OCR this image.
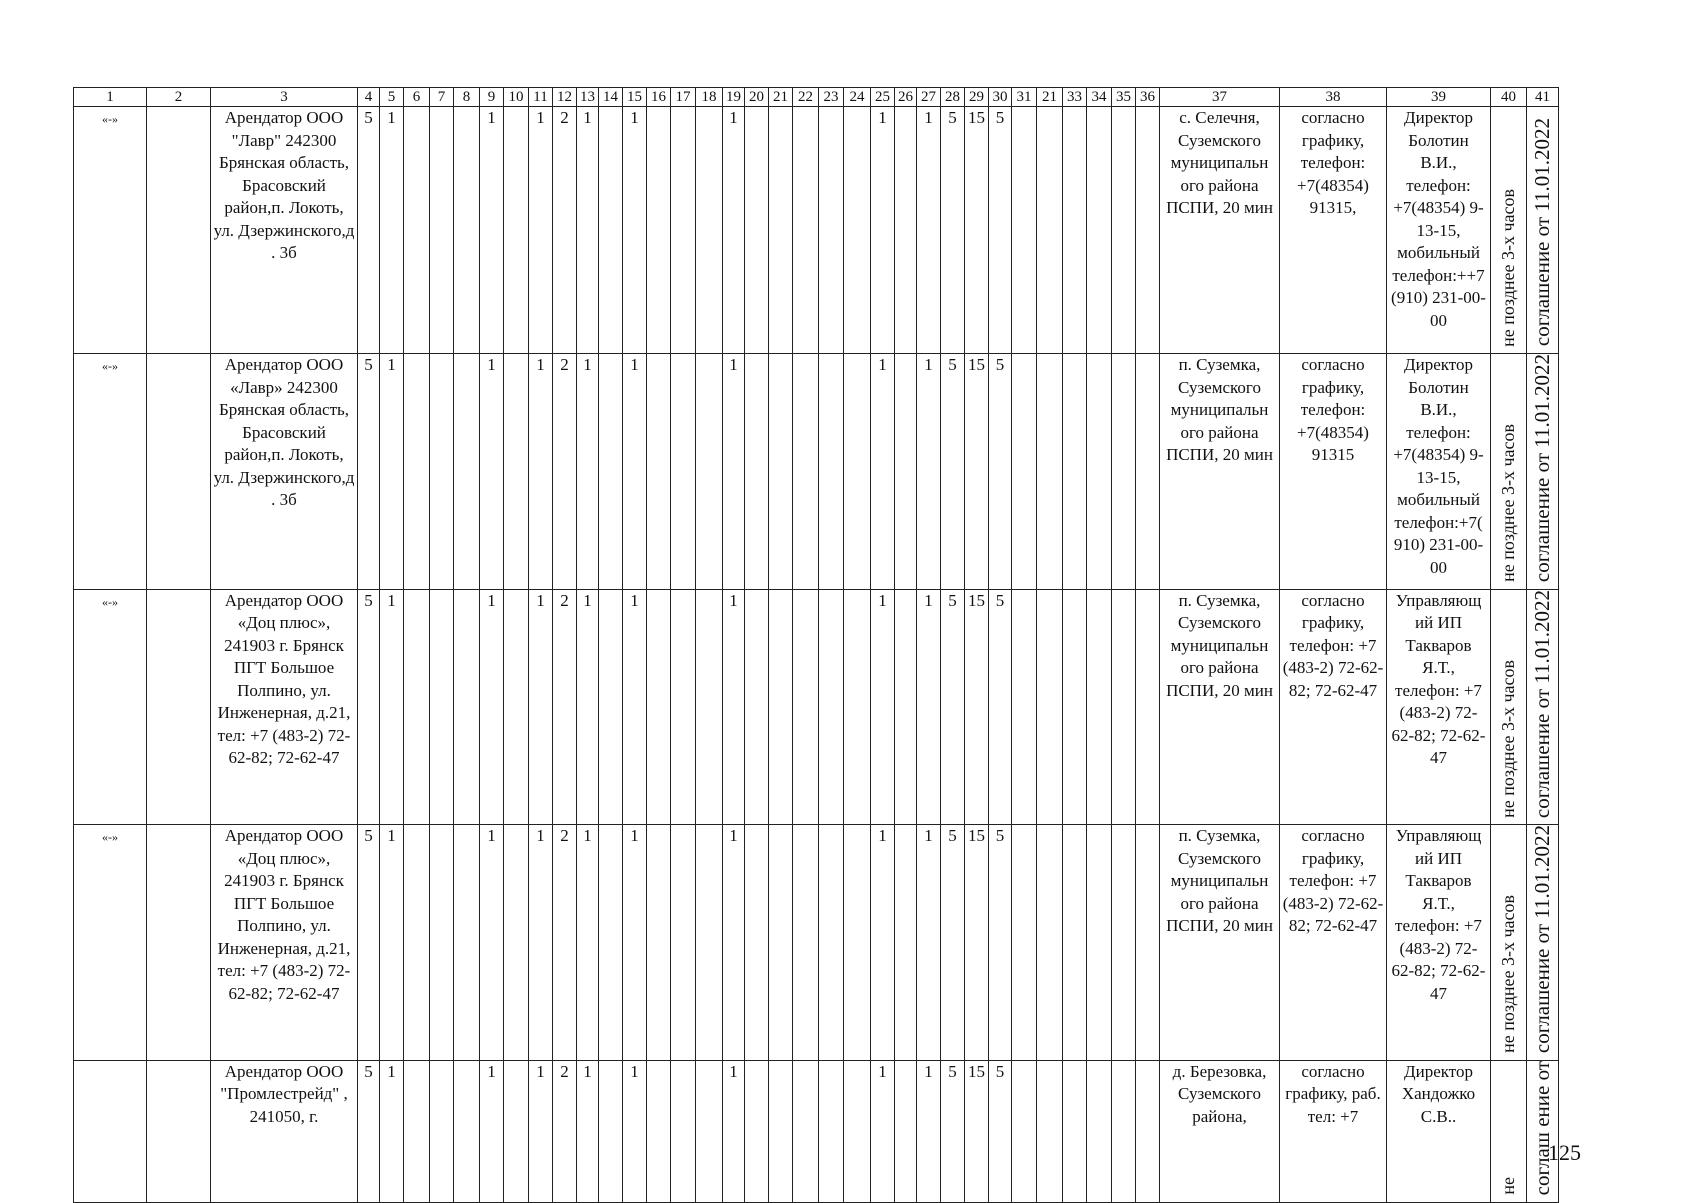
1	2	3	4	5	6	7	8	9	10	11	12	13	14	15	16	17	18	19	20	21	22	23	24	25	26	27	28	29	30	31	21	33	34	35	36	37	38	39	40	41
«-»		Арендатор ООО "Лавр" 242300 Брянская область, Брасовский район,п. Локоть, ул. Дзержинского,д . 3б	5	1				1		1	2	1		1				1						1		1	5	15	5							с. Селечня, Суземского муниципальн ого района ПСПИ, 20 мин	согласно графику, телефон: +7(48354) 91315,	Директор Болотин В.И., телефон: +7(48354) 9-13-15, мобильный телефон:++7 (910) 231-00-00	не позднее 3-х часов	соглашение от 11.01.2022
«-»		Арендатор ООО «Лавр» 242300 Брянская область, Брасовский район,п. Локоть, ул. Дзержинского,д . 3б	5	1				1		1	2	1		1				1						1		1	5	15	5							п. Суземка, Суземского муниципальн ого района ПСПИ, 20 мин	согласно графику, телефон: +7(48354) 91315	Директор Болотин В.И., телефон: +7(48354) 9-13-15, мобильный телефон:+7( 910) 231-00-00	не позднее 3-х часов	соглашение от 11.01.2022
«-»		Арендатор ООО «Доц плюс», 241903 г. Брянск ПГТ Большое Полпино, ул. Инженерная, д.21, тел: +7 (483-2) 72-62-82; 72-62-47	5	1				1		1	2	1		1				1						1		1	5	15	5							п. Суземка, Суземского муниципальн ого района ПСПИ, 20 мин	согласно графику, телефон: +7 (483-2) 72-62-82; 72-62-47	Управляющ ий ИП Такваров Я.Т., телефон: +7 (483-2) 72-62-82; 72-62-47	не позднее 3-х часов	соглашение от 11.01.2022
«-»		Арендатор ООО «Доц плюс», 241903 г. Брянск ПГТ Большое Полпино, ул. Инженерная, д.21, тел: +7 (483-2) 72-62-82; 72-62-47	5	1				1		1	2	1		1				1						1		1	5	15	5							п. Суземка, Суземского муниципальн ого района ПСПИ, 20 мин	согласно графику, телефон: +7 (483-2) 72-62-82; 72-62-47	Управляющ ий ИП Такваров Я.Т., телефон: +7 (483-2) 72-62-82; 72-62-47	не позднее 3-х часов	соглашение от 11.01.2022
		Арендатор ООО "Промлестрейд" , 241050, г.	5	1				1		1	2	1		1				1						1		1	5	15	5							д. Березовка, Суземского района,	согласно графику, раб. тел: +7	Директор Хандожко С.В..	не	соглаш ение от
125
